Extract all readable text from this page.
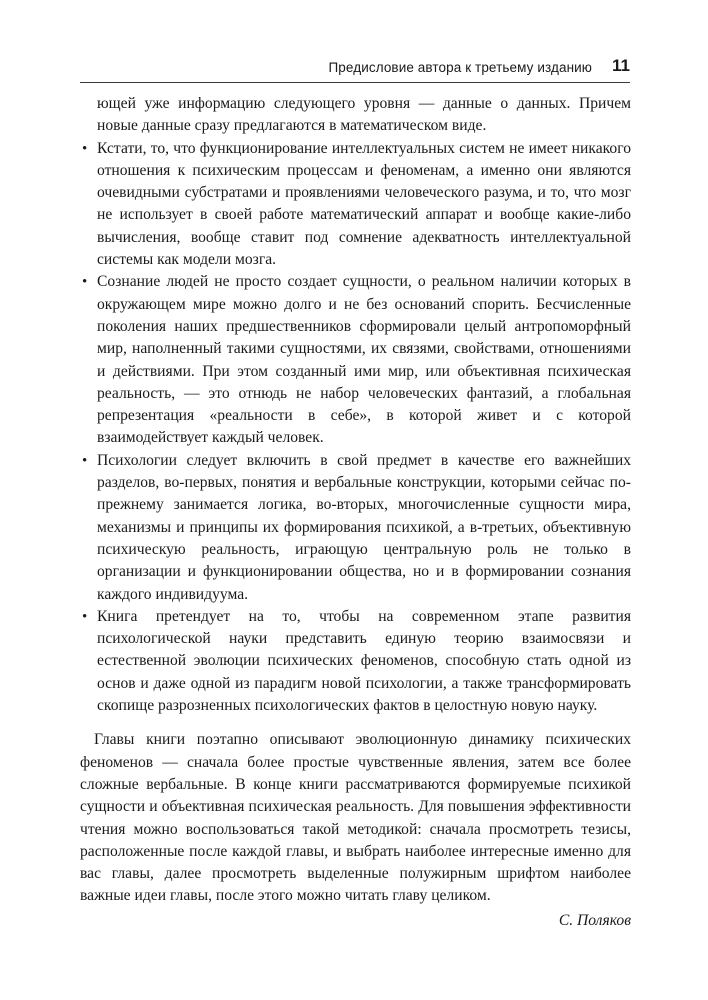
Предисловие автора к третьему изданию 11

ющей уже информацию следующего уровня — данные о данных. Причем новые данные сразу предлагаются в математическом виде.

• Кстати, то, что функционирование интеллектуальных систем не имеет никакого отношения к психическим процессам и феноменам, а именно они являются очевидными субстратами и проявлениями человеческого разума, и то, что мозг не использует в своей работе математический аппарат и вообще какие-либо вычисления, вообще ставит под сомнение адекватность интеллектуальной системы как модели мозга.
• Сознание людей не просто создает сущности, о реальном наличии которых в окружающем мире можно долго и не без оснований спорить. Бесчисленные поколения наших предшественников сформировали целый антропоморфный мир, наполненный такими сущностями, их связями, свойствами, отношениями и действиями. При этом созданный ими мир, или объективная психическая реальность, — это отнюдь не набор человеческих фантазий, а глобальная репрезентация «реальности в себе», в которой живет и с которой взаимодействует каждый человек.
• Психологии следует включить в свой предмет в качестве его важнейших разделов, во-первых, понятия и вербальные конструкции, которыми сейчас по-прежнему занимается логика, во-вторых, многочисленные сущности мира, механизмы и принципы их формирования психикой, а в-третьих, объективную психическую реальность, играющую центральную роль не только в организации и функционировании общества, но и в формировании сознания каждого индивидуума.
• Книга претендует на то, чтобы на современном этапе развития психологической науки представить единую теорию взаимосвязи и естественной эволюции психических феноменов, способную стать одной из основ и даже одной из парадигм новой психологии, а также трансформировать скопище разрозненных психологических фактов в целостную новую науку.

Главы книги поэтапно описывают эволюционную динамику психических феноменов — сначала более простые чувственные явления, затем все более сложные вербальные. В конце книги рассматриваются формируемые психикой сущности и объективная психическая реальность. Для повышения эффективности чтения можно воспользоваться такой методикой: сначала просмотреть тезисы, расположенные после каждой главы, и выбрать наиболее интересные именно для вас главы, далее просмотреть выделенные полужирным шрифтом наиболее важные идеи главы, после этого можно читать главу целиком.

С. Поляков
